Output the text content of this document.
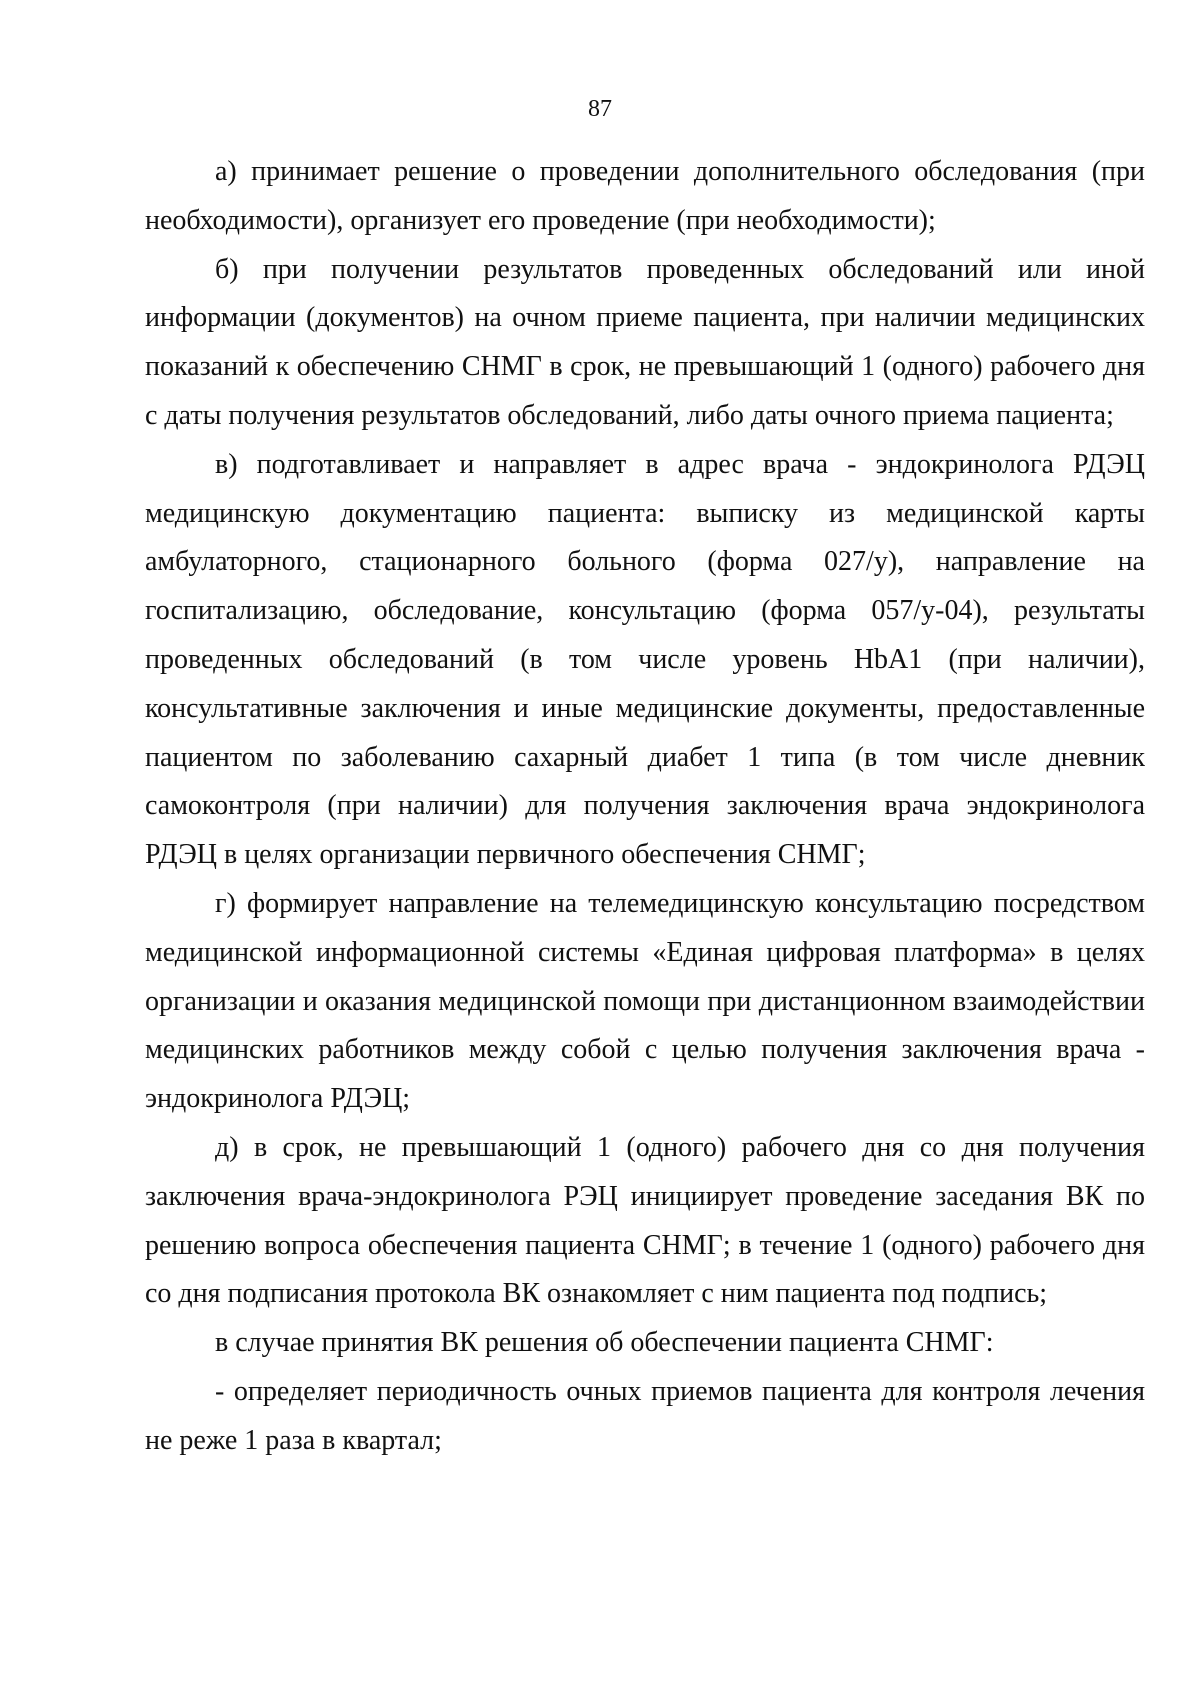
87

а) принимает решение о проведении дополнительного обследования (при необходимости), организует его проведение (при необходимости);

б) при получении результатов проведенных обследований или иной информации (документов) на очном приеме пациента, при наличии медицинских показаний к обеспечению СНМГ в срок, не превышающий 1 (одного) рабочего дня с даты получения результатов обследований, либо даты очного приема пациента;

в) подготавливает и направляет в адрес врача - эндокринолога РДЭЦ медицинскую документацию пациента: выписку из медицинской карты амбулаторного, стационарного больного (форма 027/у), направление на госпитализацию, обследование, консультацию (форма 057/у-04), результаты проведенных обследований (в том числе уровень HbA1 (при наличии), консультативные заключения и иные медицинские документы, предоставленные пациентом по заболеванию сахарный диабет 1 типа (в том числе дневник самоконтроля (при наличии) для получения заключения врача эндокринолога РДЭЦ в целях организации первичного обеспечения СНМГ;

г) формирует направление на телемедицинскую консультацию посредством медицинской информационной системы «Единая цифровая платформа» в целях организации и оказания медицинской помощи при дистанционном взаимодействии медицинских работников между собой с целью получения заключения врача - эндокринолога РДЭЦ;

д) в срок, не превышающий 1 (одного) рабочего дня со дня получения заключения врача-эндокринолога РЭЦ инициирует проведение заседания ВК по решению вопроса обеспечения пациента СНМГ; в течение 1 (одного) рабочего дня со дня подписания протокола ВК ознакомляет с ним пациента под подпись;

в случае принятия ВК решения об обеспечении пациента СНМГ:

- определяет периодичность очных приемов пациента для контроля лечения не реже 1 раза в квартал;
